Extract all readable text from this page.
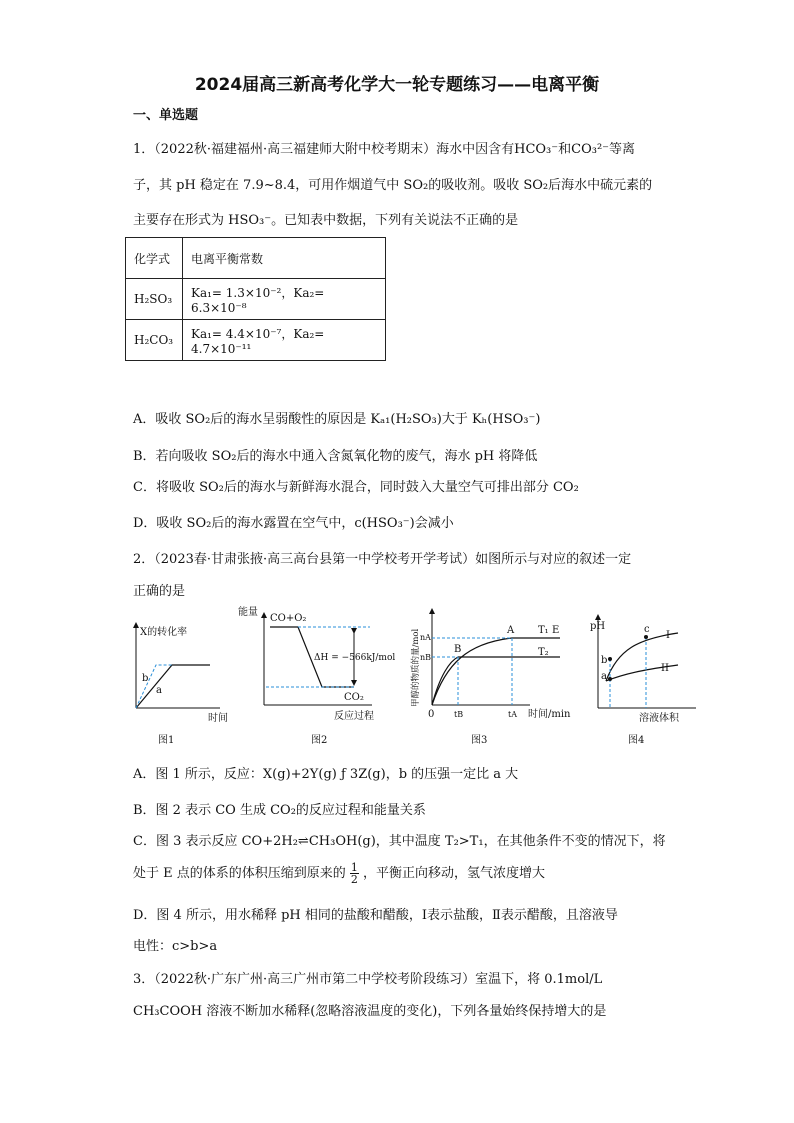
2024届高三新高考化学大一轮专题练习——电离平衡
一、单选题
1．（2022秋·福建福州·高三福建师大附中校考期末）海水中因含有HCO₃⁻和CO₃²⁻等离
子，其 pH 稳定在 7.9~8.4，可用作烟道气中 SO₂的吸收剂。吸收 SO₂后海水中硫元素的
主要存在形式为 HSO₃⁻。已知表中数据，下列有关说法不正确的是
化学式	电离平衡常数
H₂SO₃	Ka₁= 1.3×10⁻²，Ka₂= 6.3×10⁻⁸
H₂CO₃	Ka₁= 4.4×10⁻⁷，Ka₂= 4.7×10⁻¹¹
A．吸收 SO₂后的海水呈弱酸性的原因是 Kₐ₁(H₂SO₃)大于 Kₕ(HSO₃⁻)
B．若向吸收 SO₂后的海水中通入含氮氧化物的废气，海水 pH 将降低
C．将吸收 SO₂后的海水与新鲜海水混合，同时鼓入大量空气可排出部分 CO₂
D．吸收 SO₂后的海水露置在空气中，c(HSO₃⁻)会减小
2．（2023春·甘肃张掖·高三高台县第一中学校考开学考试）如图所示与对应的叙述一定
正确的是
X的转化率
b
a
时间
图1
能量
CO+O₂
ΔH = −566kJ/mol
CO₂
反应过程
图2
甲醇的物质的量/mol nA
nB
A
B
T₁ E
T₂
0 tB	tA 时间/min
图3
pH
b
a
c
I
II
溶液体积
图4
A．图 1 所示，反应：X(g)+2Y(g) ƒ 3Z(g)，b 的压强一定比 a 大
B．图 2 表示 CO 生成 CO₂的反应过程和能量关系
C．图 3 表示反应 CO+2H₂⇌CH₃OH(g)，其中温度 T₂>T₁，在其他条件不变的情况下，将
处于 E 点的体系的体积压缩到原来的 $\frac{1}{2}$ ，平衡正向移动，氢气浓度增大
D．图 4 所示，用水稀释 pH 相同的盐酸和醋酸，Ⅰ表示盐酸，Ⅱ表示醋酸，且溶液导
电性：c>b>a
3．（2022秋·广东广州·高三广州市第二中学校考阶段练习）室温下，将 0.1mol/L
CH₃COOH 溶液不断加水稀释(忽略溶液温度的变化)，下列各量始终保持增大的是
